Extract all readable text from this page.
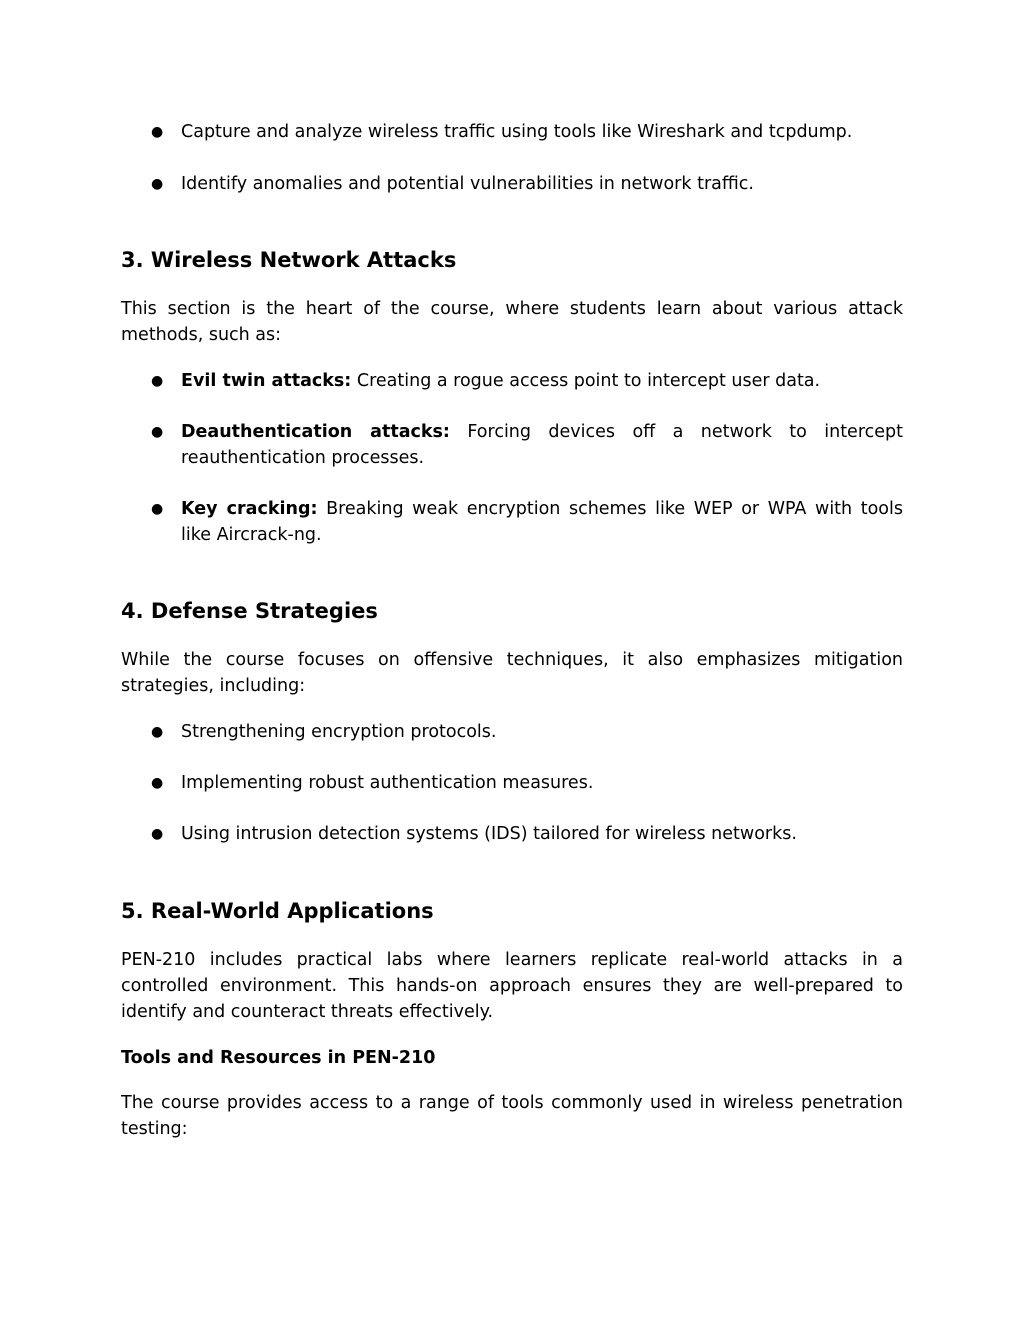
● Capture and analyze wireless traffic using tools like Wireshark and tcpdump.
● Identify anomalies and potential vulnerabilities in network traffic.
3. Wireless Network Attacks

This section is the heart of the course, where students learn about various attack methods, such as:

● Evil twin attacks: Creating a rogue access point to intercept user data.
● Deauthentication attacks: Forcing devices off a network to intercept reauthentication processes.
● Key cracking: Breaking weak encryption schemes like WEP or WPA with tools like Aircrack-ng.
4. Defense Strategies

While the course focuses on offensive techniques, it also emphasizes mitigation strategies, including:

● Strengthening encryption protocols.
● Implementing robust authentication measures.
● Using intrusion detection systems (IDS) tailored for wireless networks.
5. Real-World Applications

PEN-210 includes practical labs where learners replicate real-world attacks in a controlled environment. This hands-on approach ensures they are well-prepared to identify and counteract threats effectively.

Tools and Resources in PEN-210

The course provides access to a range of tools commonly used in wireless penetration testing:
